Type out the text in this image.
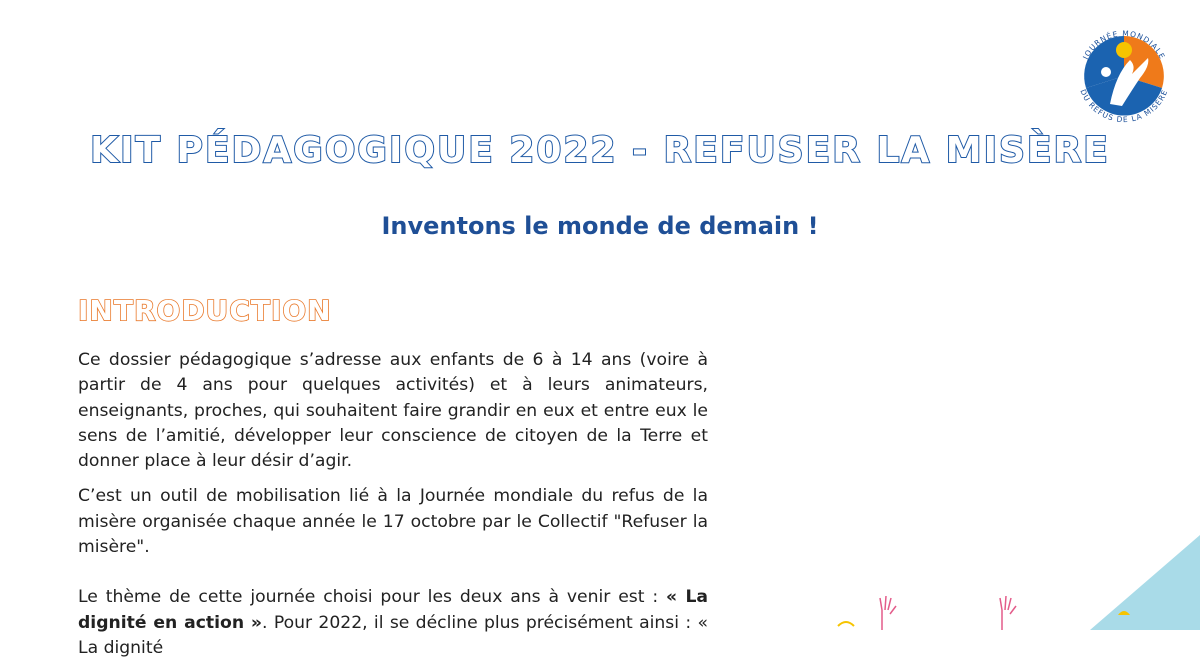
JOURNÉE MONDIALE
DU REFUS DE LA MISÈRE
KIT PÉDAGOGIQUE 2022 - REFUSER LA MISÈRE
Inventons le monde de demain !
INTRODUCTION

Ce dossier pédagogique s’adresse aux enfants de 6 à 14 ans (voire à partir de 4 ans pour quelques activités) et à leurs animateurs, enseignants, proches, qui souhaitent faire grandir en eux et entre eux le sens de l’amitié, développer leur conscience de citoyen de la Terre et donner place à leur désir d’agir.

C’est un outil de mobilisation lié à la Journée mondiale du refus de la misère organisée chaque année le 17 octobre par le Collectif "Refuser la misère".

Le thème de cette journée choisi pour les deux ans à venir est : « La dignité en action ». Pour 2022, il se décline plus précisément ainsi : « La dignité
